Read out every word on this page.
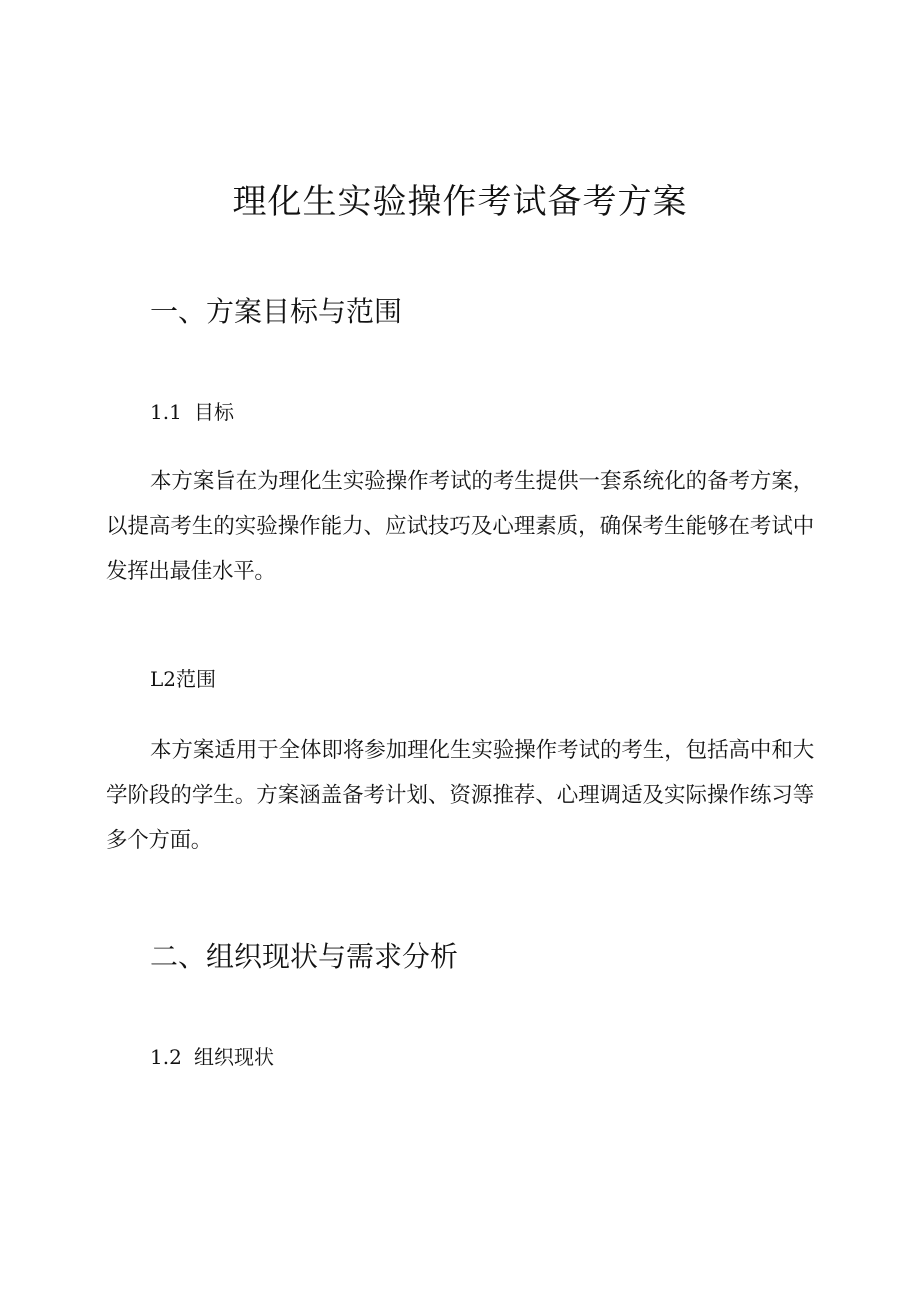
理化生实验操作考试备考方案
一、方案目标与范围
1.1 目标

本方案旨在为理化生实验操作考试的考生提供一套系统化的备考方案，以提高考生的实验操作能力、应试技巧及心理素质，确保考生能够在考试中发挥出最佳水平。

L2范围

本方案适用于全体即将参加理化生实验操作考试的考生，包括高中和大学阶段的学生。方案涵盖备考计划、资源推荐、心理调适及实际操作练习等多个方面。

二、组织现状与需求分析
1.2 组织现状
